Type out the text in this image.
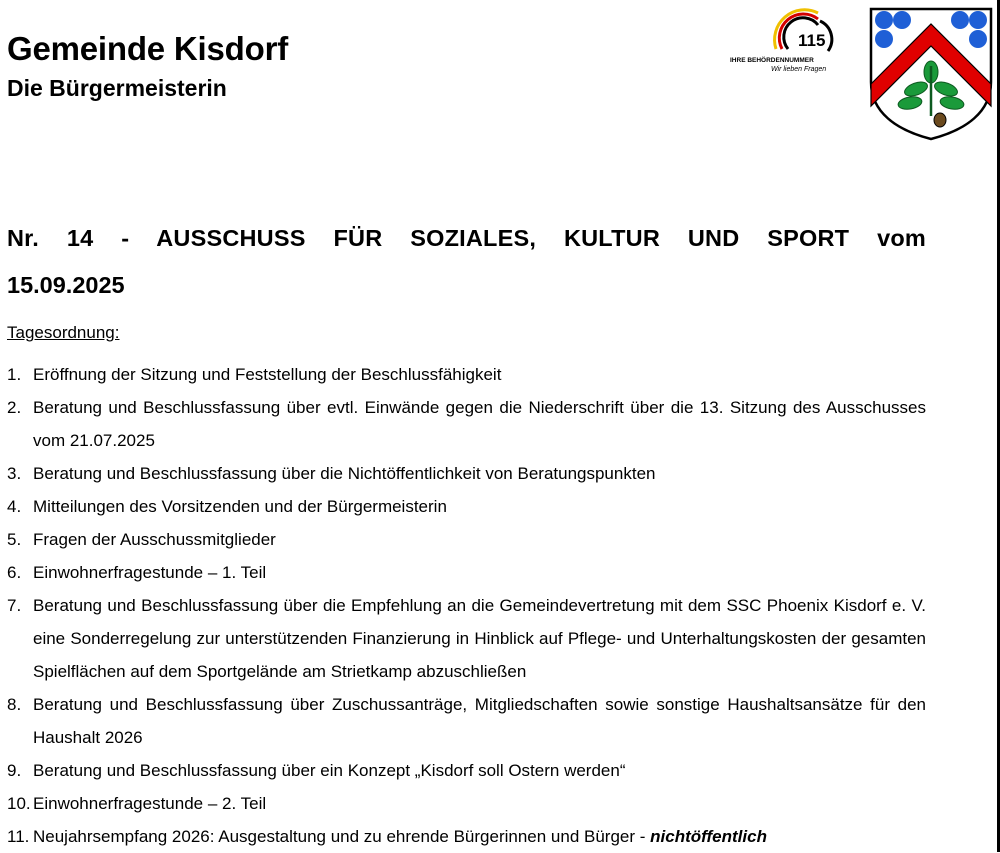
Gemeinde Kisdorf
Die Bürgermeisterin
115
IHRE BEHÖRDENNUMMER
Wir lieben Fragen
Nr. 14 - AUSSCHUSS FÜR SOZIALES, KULTUR UND SPORT vom
15.09.2025
Tagesordnung:
1. Eröffnung der Sitzung und Feststellung der Beschlussfähigkeit
2. Beratung und Beschlussfassung über evtl. Einwände gegen die Niederschrift über die 13. Sitzung des Ausschusses vom 21.07.2025
3. Beratung und Beschlussfassung über die Nichtöffentlichkeit von Beratungspunkten
4. Mitteilungen des Vorsitzenden und der Bürgermeisterin
5. Fragen der Ausschussmitglieder
6. Einwohnerfragestunde – 1. Teil
7. Beratung und Beschlussfassung über die Empfehlung an die Gemeindevertretung mit dem SSC Phoenix Kisdorf e. V. eine Sonderregelung zur unterstützenden Finanzierung in Hinblick auf Pflege- und Unterhaltungskosten der gesamten Spielflächen auf dem Sportgelände am Strietkamp abzuschließen
8. Beratung und Beschlussfassung über Zuschussanträge, Mitgliedschaften sowie sonstige Haushaltsansätze für den Haushalt 2026
9. Beratung und Beschlussfassung über ein Konzept „Kisdorf soll Ostern werden“
10. Einwohnerfragestunde – 2. Teil
11. Neujahrsempfang 2026: Ausgestaltung und zu ehrende Bürgerinnen und Bürger - nichtöffentlich
